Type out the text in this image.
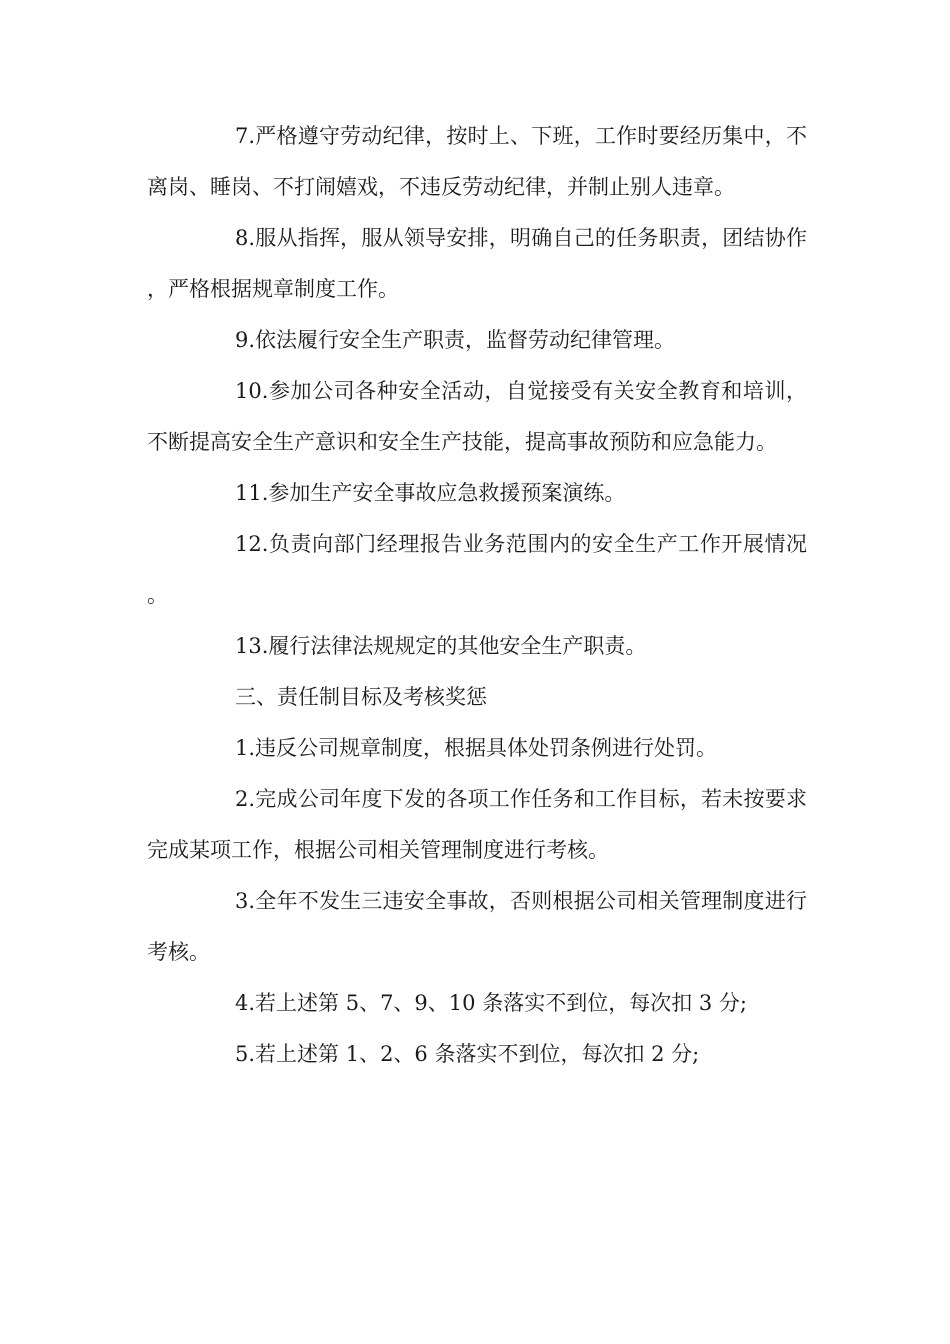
7.严格遵守劳动纪律，按时上、下班，工作时要经历集中，不离岗、睡岗、不打闹嬉戏，不违反劳动纪律，并制止别人违章。

8.服从指挥，服从领导安排，明确自己的任务职责，团结协作，严格根据规章制度工作。

9.依法履行安全生产职责，监督劳动纪律管理。

10.参加公司各种安全活动，自觉接受有关安全教育和培训，不断提高安全生产意识和安全生产技能，提高事故预防和应急能力。

11.参加生产安全事故应急救援预案演练。

12.负责向部门经理报告业务范围内的安全生产工作开展情况。

13.履行法律法规规定的其他安全生产职责。

三、责任制目标及考核奖惩

1.违反公司规章制度，根据具体处罚条例进行处罚。

2.完成公司年度下发的各项工作任务和工作目标，若未按要求完成某项工作，根据公司相关管理制度进行考核。

3.全年不发生三违安全事故，否则根据公司相关管理制度进行考核。

4.若上述第 5、7、9、10 条落实不到位，每次扣 3 分;

5.若上述第 1、2、6 条落实不到位，每次扣 2 分;
